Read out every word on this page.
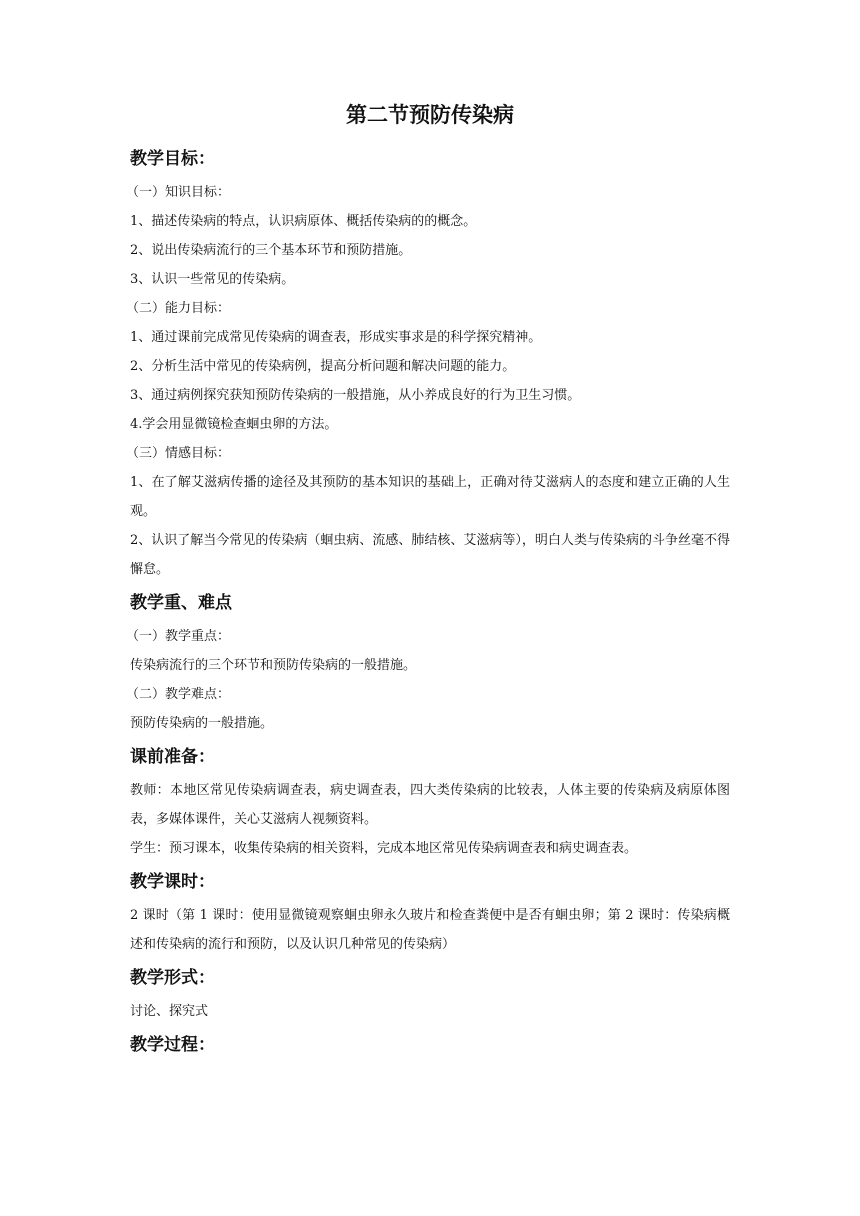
第二节预防传染病
教学目标：

（一）知识目标：

1、描述传染病的特点，认识病原体、概括传染病的的概念。

2、说出传染病流行的三个基本环节和预防措施。

3、认识一些常见的传染病。

（二）能力目标：

1、通过课前完成常见传染病的调查表，形成实事求是的科学探究精神。

2、分析生活中常见的传染病例，提高分析问题和解决问题的能力。

3、通过病例探究获知预防传染病的一般措施，从小养成良好的行为卫生习惯。

4.学会用显微镜检查蛔虫卵的方法。

（三）情感目标：

1、在了解艾滋病传播的途径及其预防的基本知识的基础上，正确对待艾滋病人的态度和建立正确的人生观。

2、认识了解当今常见的传染病（蛔虫病、流感、肺结核、艾滋病等），明白人类与传染病的斗争丝毫不得懈怠。

教学重、难点

（一）教学重点：

传染病流行的三个环节和预防传染病的一般措施。

（二）教学难点：

预防传染病的一般措施。

课前准备：

教师：本地区常见传染病调查表，病史调查表，四大类传染病的比较表，人体主要的传染病及病原体图表，多媒体课件，关心艾滋病人视频资料。

学生：预习课本，收集传染病的相关资料，完成本地区常见传染病调查表和病史调查表。

教学课时：

2 课时（第 1 课时：使用显微镜观察蛔虫卵永久玻片和检查粪便中是否有蛔虫卵；第 2 课时：传染病概述和传染病的流行和预防，以及认识几种常见的传染病）

教学形式：

讨论、探究式

教学过程：
